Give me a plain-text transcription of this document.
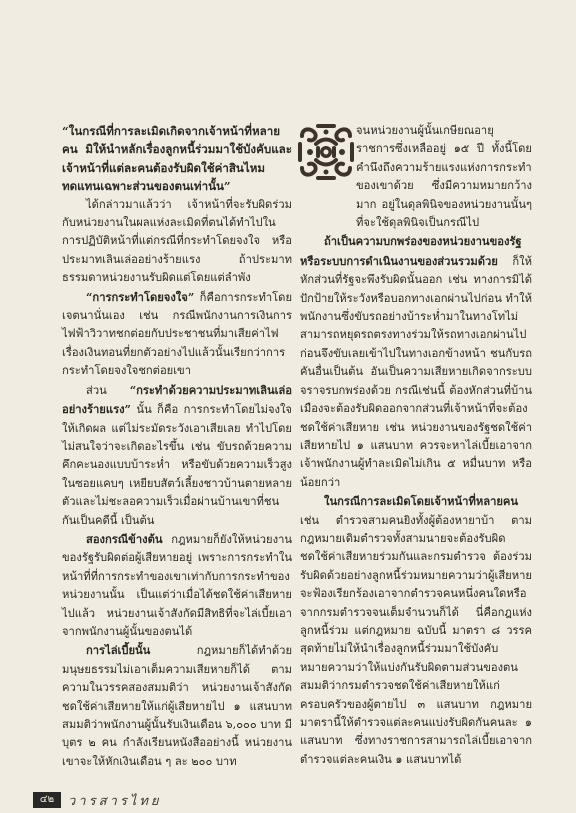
“ในกรณีที่การละเมิดเกิดจากเจ้าหน้าที่หลายคน มิให้นำหลักเรื่องลูกหนี้ร่วมมาใช้บังคับและเจ้าหน้าที่แต่ละคนต้องรับผิดใช้ค่าสินไหมทดแทนเฉพาะส่วนของตนเท่านั้น”

ได้กล่าวมาแล้วว่า เจ้าหน้าที่จะรับผิดร่วมกับหน่วยงานในผลแห่งละเมิดที่ตนได้ทำไปในการปฏิบัติหน้าที่แต่กรณีที่กระทำโดยจงใจ หรือประมาทเลินเล่ออย่างร้ายแรง ถ้าประมาทธรรมดาหน่วยงานรับผิดแต่โดยแต่ลำพัง

“การกระทำโดยจงใจ” ก็คือการกระทำโดยเจตนานั่นเอง เช่น กรณีพนักงานการเงินการไฟฟ้าวิวาทชกต่อยกับประชาชนที่มาเสียค่าไฟเรื่องเงินทอนที่ยกตัวอย่างไปแล้วนั้นเรียกว่าการกระทำโดยจงใจชกต่อยเขา

ส่วน “กระทำด้วยความประมาทเลินเล่ออย่างร้ายแรง” นั้น ก็คือ การกระทำโดยไม่จงใจให้เกิดผล แต่ไม่ระมัดระวังเอาเสียเลย ทำไปโดยไม่สนใจว่าจะเกิดอะไรขึ้น เช่น ขับรถด้วยความคึกคะนองแบบบ้าระห่ำ หรือขับด้วยความเร็วสูงในซอยแคบๆ เหยียบสัตว์เลี้ยงชาวบ้านตายหลายตัวและไม่ชะลอความเร็วเมื่อผ่านบ้านเขาที่ชนกันเป็นคดีนี้ เป็นต้น

สองกรณีข้างต้น กฎหมายก็ยังให้หน่วยงานของรัฐรับผิดต่อผู้เสียหายอยู่ เพราะการกระทำในหน้าที่ที่การกระทำของเขาเท่ากับการกระทำของหน่วยงานนั้น เป็นแต่ว่าเมื่อได้ชดใช้ค่าเสียหายไปแล้ว หน่วยงานเจ้าสังกัดมีสิทธิที่จะไล่เบี้ยเอาจากพนักงานผู้นั้นของตนได้

การไล่เบี้ยนั้น กฎหมายก็ได้ทำด้วยมนุษยธรรมไม่เอาเต็มความเสียหายก็ได้ ตามความในวรรคสองสมมติว่า หน่วยงานเจ้าสังกัดชดใช้ค่าเสียหายให้แก่ผู้เสียหายไป ๑ แสนบาท สมมติว่าพนักงานผู้นั้นรับเงินเดือน ๖,๐๐๐ บาท มีบุตร ๒ คน กำลังเรียนหนังสืออย่างนี้ หน่วยงานเขาจะให้หักเงินเดือน ๆ ละ ๒๐๐ บาท

จนหน่วยงานผู้นั้นเกษียณอายุราชการซึ่งเหลืออยู่ ๑๕ ปี ทั้งนี้โดยคำนึงถึงความร้ายแรงแห่งการกระทำของเขาด้วย ซึ่งมีความหมายกว้างมาก อยู่ในดุลพินิจของหน่วยงานนั้นๆ ที่จะใช้ดุลพินิจเป็นกรณีไป

ถ้าเป็นความบกพร่องของหน่วยงานของรัฐหรือระบบการดำเนินงานของส่วนรวมด้วย ก็ให้หักส่วนที่รัฐจะพึงรับผิดนั้นออก เช่น ทางการมิได้ปักป้ายให้ระวังหรือบอกทางเอกผ่านไปก่อน ทำให้พนักงานซึ่งขับรถอย่างบ้าระห่ำมาในทางโทไม่สามารถหยุดรถตรงทางร่วมให้รถทางเอกผ่านไปก่อนจึงขับเลยเข้าไปในทางเอกข้างหน้า ชนกับรถคันอื่นเป็นต้น อันเป็นความเสียหายเกิดจากระบบจราจรบกพร่องด้วย กรณีเช่นนี้ ต้องหักส่วนที่บ้านเมืองจะต้องรับผิดออกจากส่วนที่เจ้าหน้าที่จะต้องชดใช้ค่าเสียหาย เช่น หน่วยงานของรัฐชดใช้ค่าเสียหายไป ๑ แสนบาท ควรจะหาไล่เบี้ยเอาจากเจ้าพนักงานผู้ทำละเมิดไม่เกิน ๕ หมื่นบาท หรือน้อยกว่า

ในกรณีการละเมิดโดยเจ้าหน้าที่หลายคน เช่น ตำรวจสามคนยิงทั้งผู้ต้องหายาบ้า ตามกฎหมายเดิมตำรวจทั้งสามนายจะต้องรับผิดชดใช้ค่าเสียหายร่วมกันและกรมตำรวจ ต้องร่วมรับผิดด้วยอย่างลูกหนี้ร่วมหมายความว่าผู้เสียหายจะฟ้องเรียกร้องเอาจากตำรวจคนหนึ่งคนใดหรือจากกรมตำรวจจนเต็มจำนวนก็ได้ นี่คือกฎแห่งลูกหนี้ร่วม แต่กฎหมาย ฉบับนี้ มาตรา ๘ วรรคสุดท้ายไม่ให้นำเรื่องลูกหนี้ร่วมมาใช้บังคับ หมายความว่าให้แบ่งกันรับผิดตามส่วนของตน สมมติว่ากรมตำรวจชดใช้ค่าเสียหายให้แก่ครอบครัวของผู้ตายไป ๓ แสนบาท กฎหมายมาตรานี้ให้ตำรวจแต่ละคนแบ่งรับผิดกันคนละ ๑ แสนบาท ซึ่งทางราชการสามารถไล่เบี้ยเอาจากตำรวจแต่ละคนเงิน ๑ แสนบาทได้

๔๒	วารสารไทย
